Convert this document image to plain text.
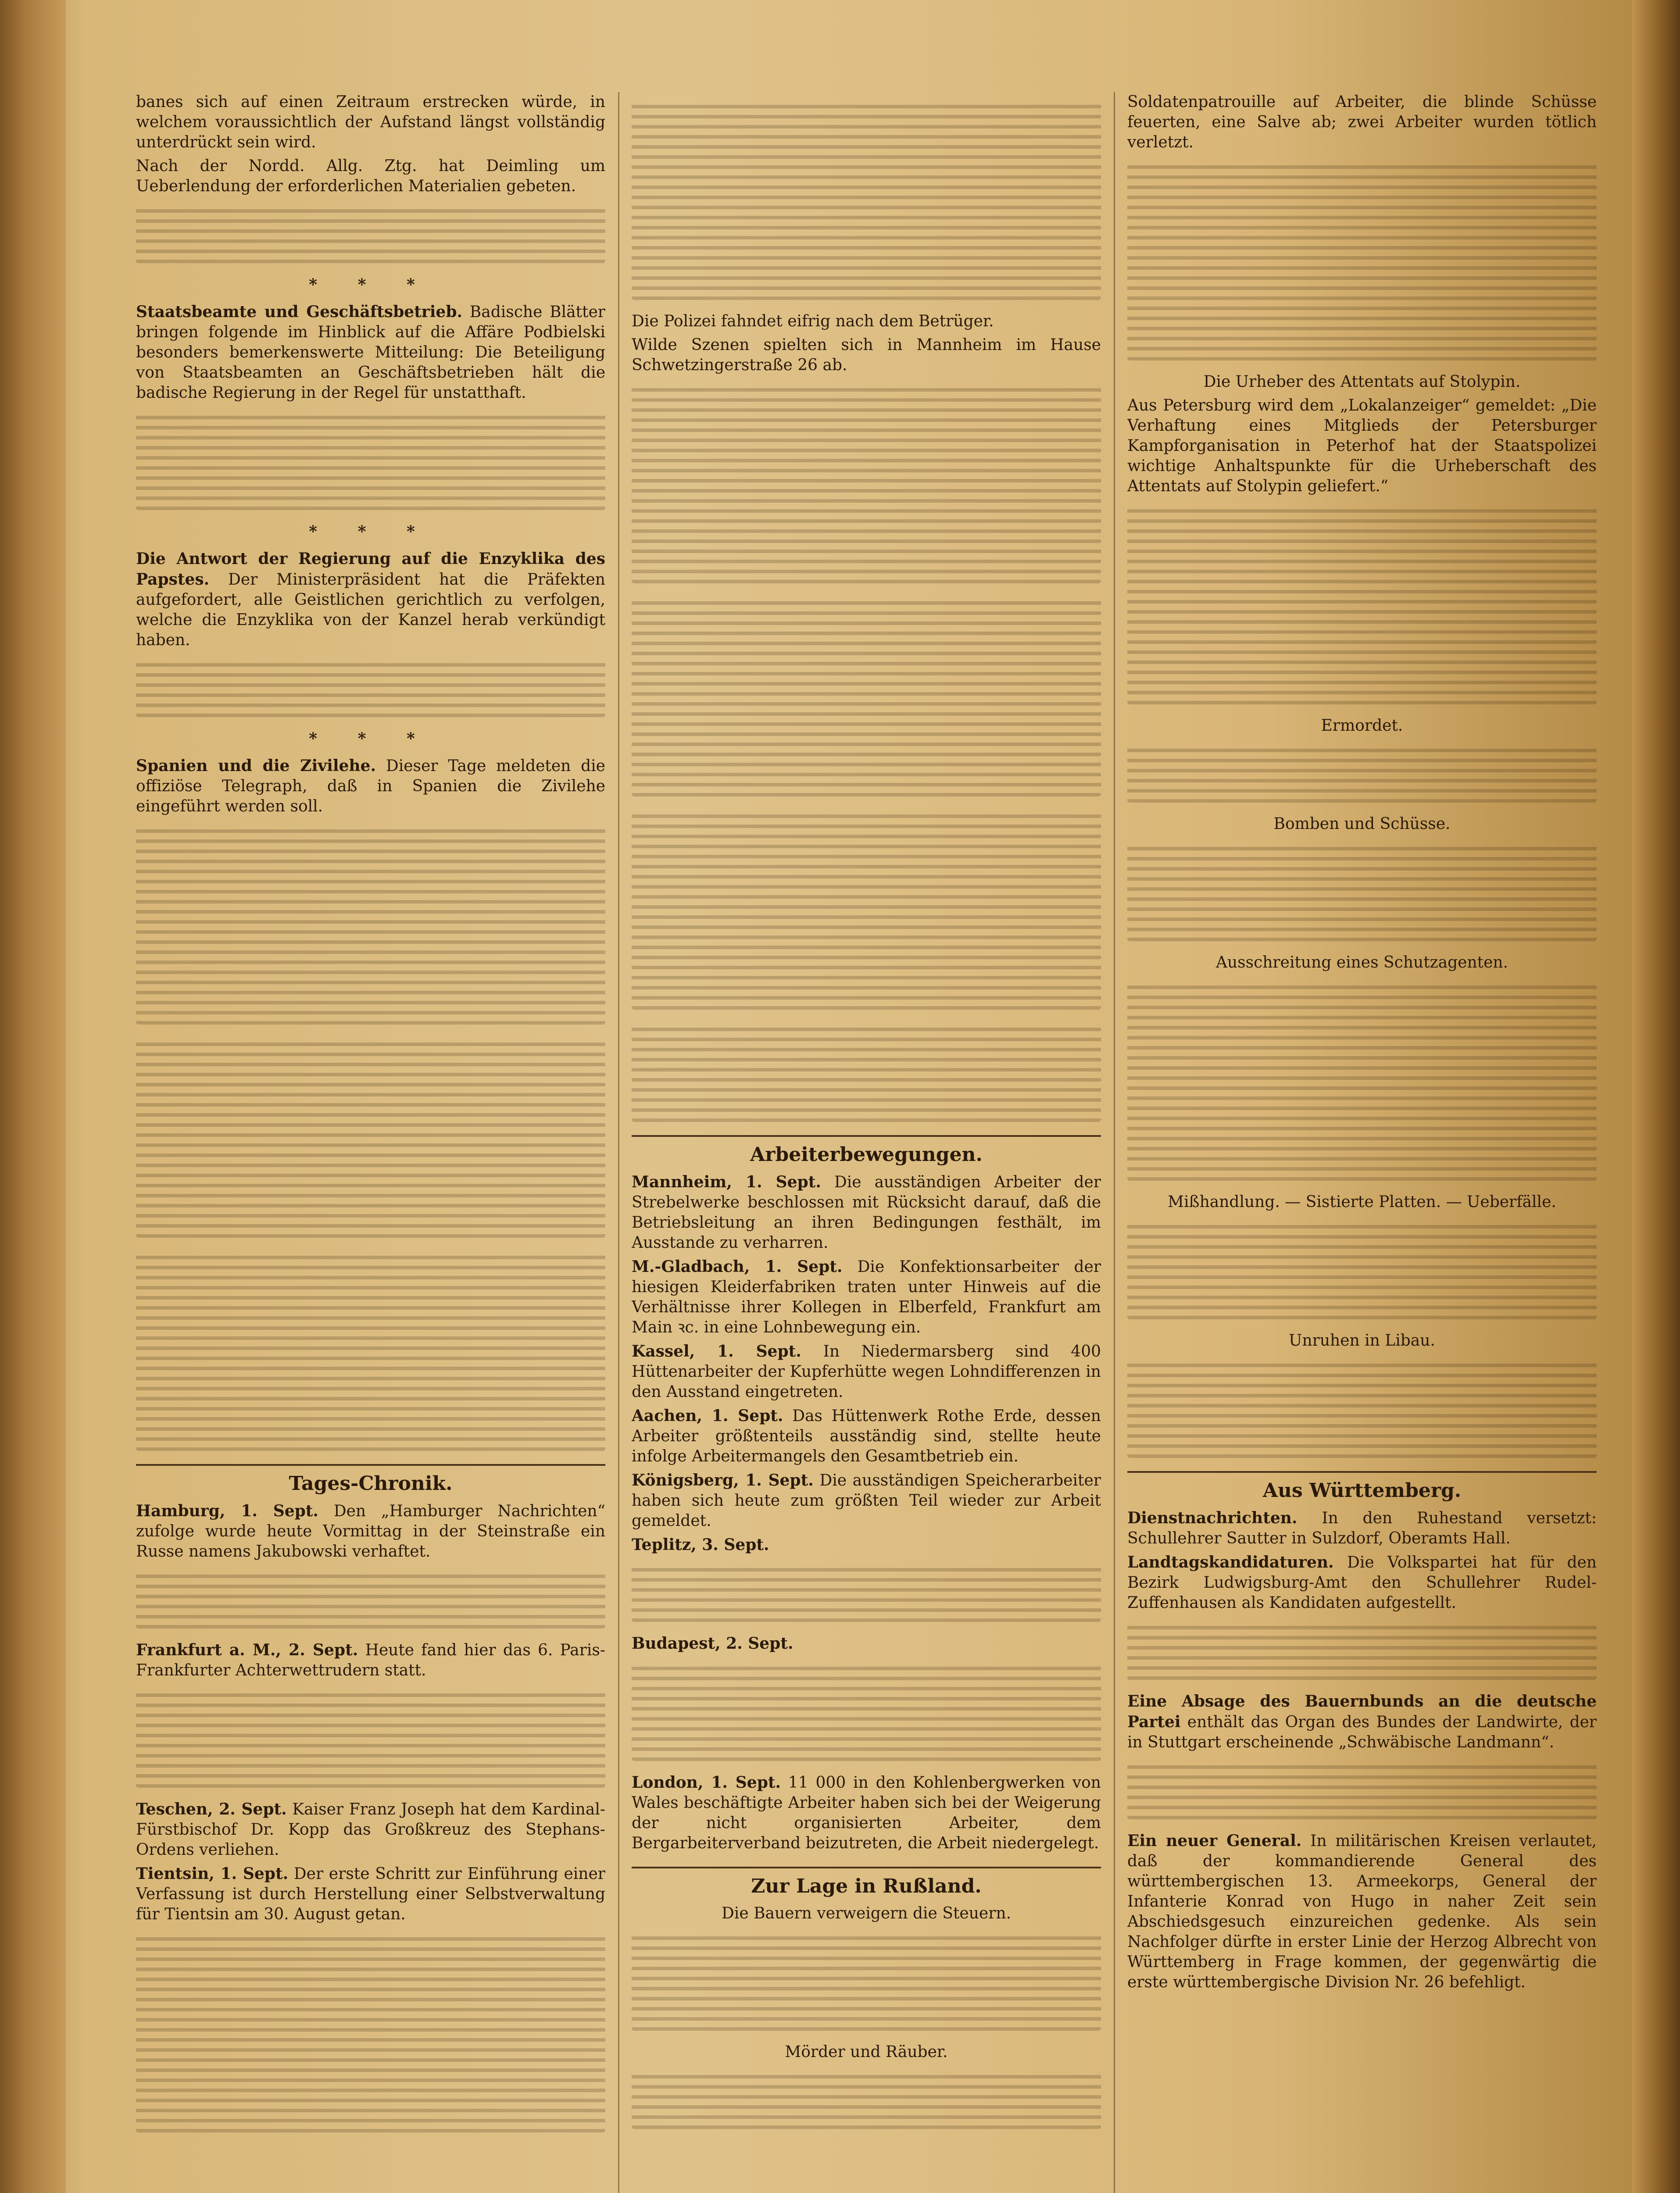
banes sich auf einen Zeitraum erstrecken würde, in welchem voraussichtlich der Aufstand längst vollständig unterdrückt sein wird.

Nach der Nordd. Allg. Ztg. hat Deimling um Ueberlendung der erforderlichen Materialien gebeten.

* * *

Staatsbeamte und Geschäftsbetrieb. Badische Blätter bringen folgende im Hinblick auf die Affäre Podbielski besonders bemerkenswerte Mitteilung: Die Beteiligung von Staatsbeamten an Geschäftsbetrieben hält die badische Regierung in der Regel für unstatthaft.

* * *

Die Antwort der Regierung auf die Enzyklika des Papstes. Der Ministerpräsident hat die Präfekten aufgefordert, alle Geistlichen gerichtlich zu verfolgen, welche die Enzyklika von der Kanzel herab verkündigt haben.

* * *

Spanien und die Zivilehe. Dieser Tage meldeten die offiziöse Telegraph, daß in Spanien die Zivilehe eingeführt werden soll.

Tages-Chronik.

Hamburg, 1. Sept. Den „Hamburger Nachrichten“ zufolge wurde heute Vormittag in der Steinstraße ein Russe namens Jakubowski verhaftet.

Frankfurt a. M., 2. Sept. Heute fand hier das 6. Paris-Frankfurter Achterwettrudern statt.

Teschen, 2. Sept. Kaiser Franz Joseph hat dem Kardinal-Fürstbischof Dr. Kopp das Großkreuz des Stephans-Ordens verliehen.

Tientsin, 1. Sept. Der erste Schritt zur Einführung einer Verfassung ist durch Herstellung einer Selbstverwaltung für Tientsin am 30. August getan.

Die Polizei fahndet eifrig nach dem Betrüger.

Wilde Szenen spielten sich in Mannheim im Hause Schwetzingerstraße 26 ab.

Arbeiterbewegungen.

Mannheim, 1. Sept. Die ausständigen Arbeiter der Strebelwerke beschlossen mit Rücksicht darauf, daß die Betriebsleitung an ihren Bedingungen festhält, im Ausstande zu verharren.

M.-Gladbach, 1. Sept. Die Konfektionsarbeiter der hiesigen Kleiderfabriken traten unter Hinweis auf die Verhältnisse ihrer Kollegen in Elberfeld, Frankfurt am Main ꝛc. in eine Lohnbewegung ein.

Kassel, 1. Sept. In Niedermarsberg sind 400 Hüttenarbeiter der Kupferhütte wegen Lohndifferenzen in den Ausstand eingetreten.

Aachen, 1. Sept. Das Hüttenwerk Rothe Erde, dessen Arbeiter größtenteils ausständig sind, stellte heute infolge Arbeitermangels den Gesamtbetrieb ein.

Königsberg, 1. Sept. Die ausständigen Speicherarbeiter haben sich heute zum größten Teil wieder zur Arbeit gemeldet.

Teplitz, 3. Sept.

Budapest, 2. Sept.

London, 1. Sept. 11 000 in den Kohlenbergwerken von Wales beschäftigte Arbeiter haben sich bei der Weigerung der nicht organisierten Arbeiter, dem Bergarbeiterverband beizutreten, die Arbeit niedergelegt.

Zur Lage in Rußland.

Die Bauern verweigern die Steuern.

Mörder und Räuber.

Soldatenpatrouille auf Arbeiter, die blinde Schüsse feuerten, eine Salve ab; zwei Arbeiter wurden tötlich verletzt.

Die Urheber des Attentats auf Stolypin.

Aus Petersburg wird dem „Lokalanzeiger“ gemeldet: „Die Verhaftung eines Mitglieds der Petersburger Kampforganisation in Peterhof hat der Staatspolizei wichtige Anhaltspunkte für die Urheberschaft des Attentats auf Stolypin geliefert.“

Ermordet.

Bomben und Schüsse.

Ausschreitung eines Schutzagenten.

Mißhandlung. — Sistierte Platten. — Ueberfälle.

Unruhen in Libau.

Aus Württemberg.

Dienstnachrichten. In den Ruhestand versetzt: Schullehrer Sautter in Sulzdorf, Oberamts Hall.

Landtagskandidaturen. Die Volkspartei hat für den Bezirk Ludwigsburg-Amt den Schullehrer Rudel-Zuffenhausen als Kandidaten aufgestellt.

Eine Absage des Bauernbunds an die deutsche Partei enthält das Organ des Bundes der Landwirte, der in Stuttgart erscheinende „Schwäbische Landmann“.

Ein neuer General. In militärischen Kreisen verlautet, daß der kommandierende General des württembergischen 13. Armeekorps, General der Infanterie Konrad von Hugo in naher Zeit sein Abschiedsgesuch einzureichen gedenke. Als sein Nachfolger dürfte in erster Linie der Herzog Albrecht von Württemberg in Frage kommen, der gegenwärtig die erste württembergische Division Nr. 26 befehligt.
